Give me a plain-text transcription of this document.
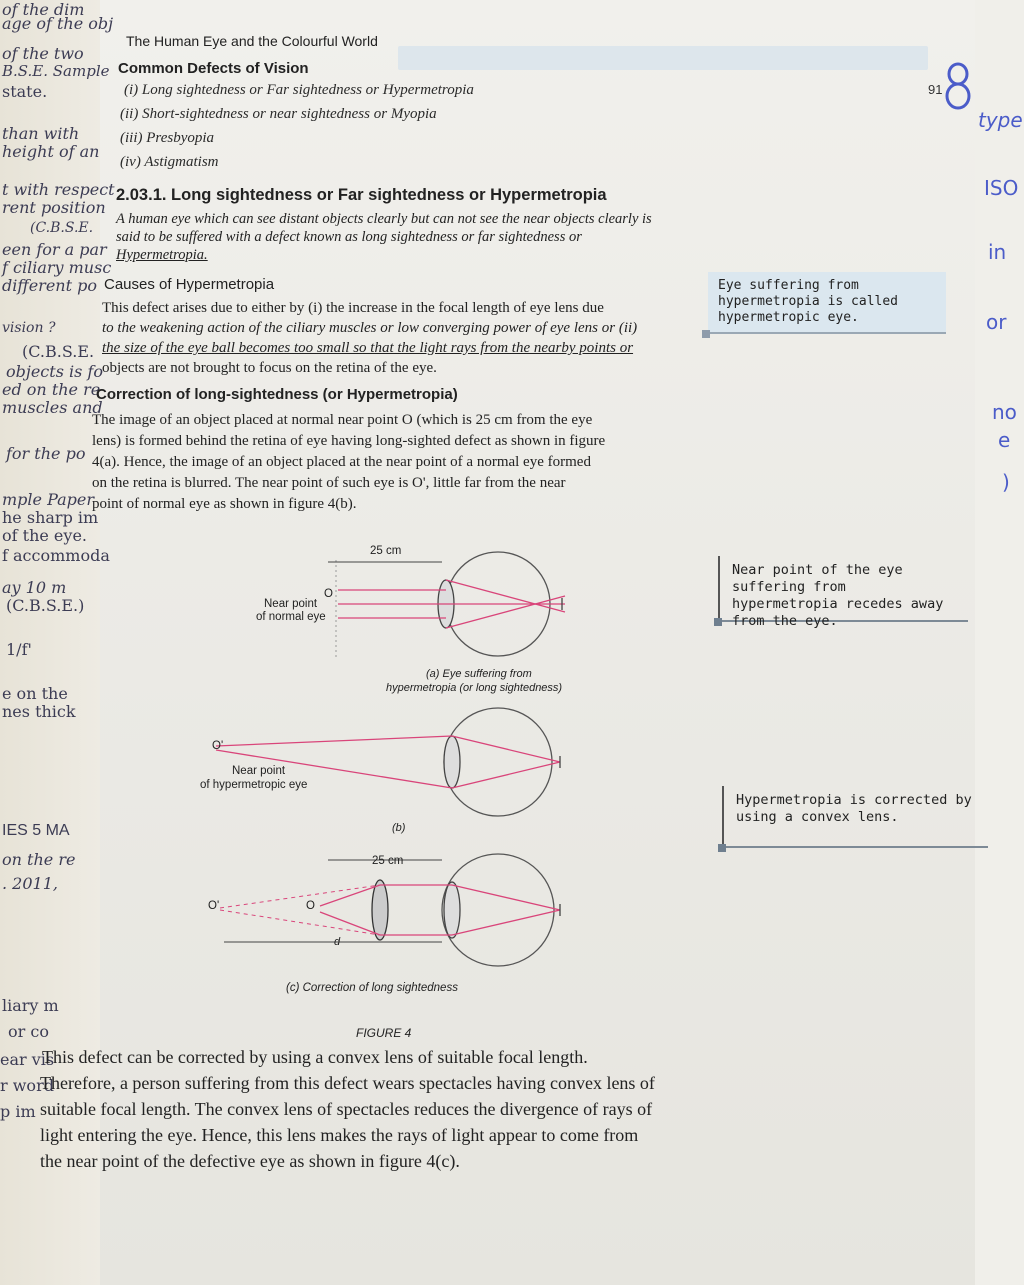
of the dim
age of the obj
of the two
B.S.E. Sample
state.
than with
height of an
t with respect
rent position
(C.B.S.E.
een for a par
f ciliary musc
different po
vision ?
(C.B.S.E.
objects is fo
ed on the re
muscles and
for the po
mple Paper
he sharp im
of the eye.
f accommoda
ay 10 m
(C.B.S.E.)
1/f'
e on the
nes thick
IES 5 MA
on the re
. 2011,
liary m
or co
ear vis
r word
p im
type
ISO
in
or
no
e
)
The Human Eye and the Colourful World
91
Common Defects of Vision
(i) Long sightedness or Far sightedness or Hypermetropia
(ii) Short-sightedness or near sightedness or Myopia
(iii) Presbyopia
(iv) Astigmatism
2.03.1. Long sightedness or Far sightedness or Hypermetropia
A human eye which can see distant objects clearly but can not see the near objects clearly is
said to be suffered with a defect known as long sightedness or far sightedness or
Hypermetropia.
Causes of Hypermetropia
This defect arises due to either by (i) the increase in the focal length of eye lens due
to the weakening action of the ciliary muscles or low converging power of eye lens or (ii)
the size of the eye ball becomes too small so that the light rays from the nearby points or
objects are not brought to focus on the retina of the eye.
Correction of long-sightedness (or Hypermetropia)
The image of an object placed at normal near point O (which is 25 cm from the eye
lens) is formed behind the retina of eye having long-sighted defect as shown in figure
4(a). Hence, the image of an object placed at the near point of a normal eye formed
on the retina is blurred. The near point of such eye is O', little far from the near
point of normal eye as shown in figure 4(b).
Eye suffering from hypermetropia is called hypermetropic eye.
Near point of the eye suffering from hypermetropia recedes away from the eye.
Hypermetropia is corrected by using a convex lens.
25 cm
O
Near point
of normal eye
(a) Eye suffering from
hypermetropia (or long sightedness)
O'
Near point
of hypermetropic eye
(b)
25 cm
O
O'
d
(c) Correction of long sightedness
FIGURE 4
This defect can be corrected by using a convex lens of suitable focal length.
Therefore, a person suffering from this defect wears spectacles having convex lens of
suitable focal length. The convex lens of spectacles reduces the divergence of rays of
light entering the eye. Hence, this lens makes the rays of light appear to come from
the near point of the defective eye as shown in figure 4(c).
